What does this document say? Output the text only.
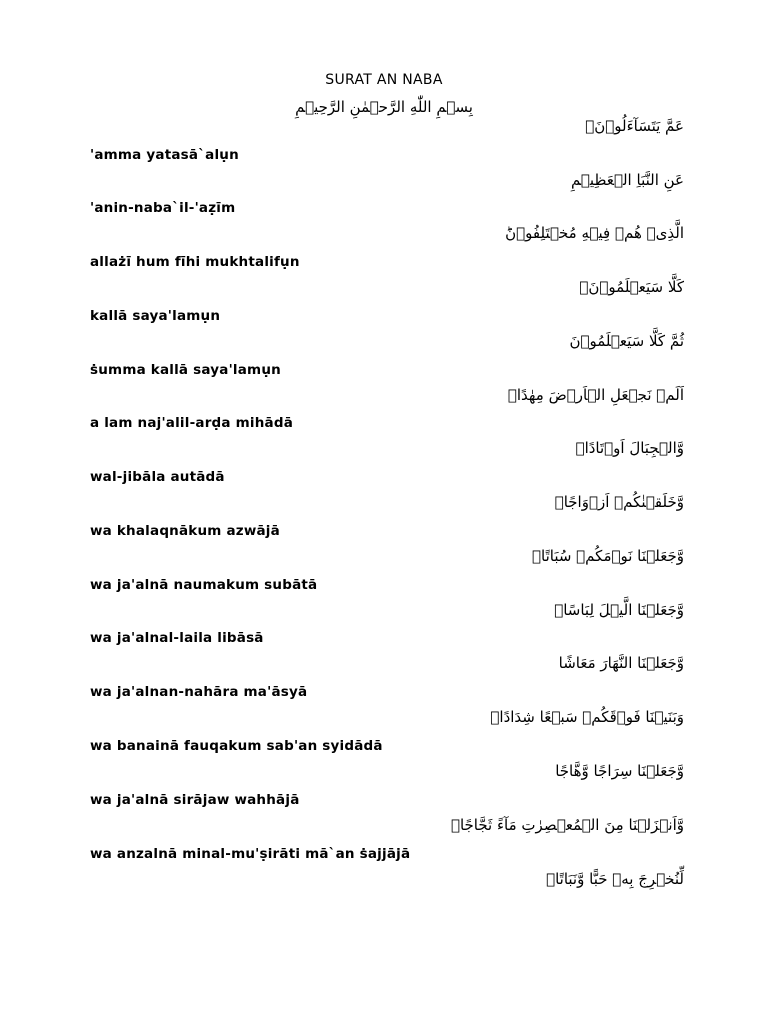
SURAT AN NABA
بِسۡمِ اللّٰهِ الرَّحۡمٰنِ الرَّحِيۡمِ
عَمَّ يَتَسَآءَلُوۡنَۚ
'amma yatasā`alụn
عَنِ النَّبَاِ الۡعَظِيۡمِ
'anin-naba`il-'aẓīm
الَّذِىۡ هُمۡ فِيۡهِ مُخۡتَلِفُوۡنَؕ
allażī hum fīhi mukhtalifụn
كَلَّا سَيَعۡلَمُوۡنَۙ
kallā saya'lamụn
ثُمَّ كَلَّا سَيَعۡلَمُوۡنَ
ṡumma kallā saya'lamụn
اَلَمۡ نَجۡعَلِ الۡاَرۡضَ مِهٰدًاۙ
a lam naj'alil-arḍa mihādā
وَّالۡجِبَالَ اَوۡتَادًاۙ
wal-jibāla autādā
وَّخَلَقۡنٰكُمۡ اَزۡوَاجًاۙ
wa khalaqnākum azwājā
وَّجَعَلۡنَا نَوۡمَكُمۡ سُبَاتًاۙ
wa ja'alnā naumakum subātā
وَّجَعَلۡنَا الَّيۡلَ لِبَاسًاۙ
wa ja'alnal-laila libāsā
وَّجَعَلۡنَا النَّهَارَ مَعَاشًا
wa ja'alnan-nahāra ma'āsyā
وَبَنَيۡنَا فَوۡقَكُمۡ سَبۡعًا شِدَادًاۙ
wa banainā fauqakum sab'an syidādā
وَّجَعَلۡنَا سِرَاجًا وَّهَّاجًا
wa ja'alnā sirājaw wahhājā
وَّاَنۡزَلۡنَا مِنَ الۡمُعۡصِرٰتِ مَآءً ثَجَّاجًاۙ
wa anzalnā minal-mu'ṣirāti mā`an ṡajjājā
لِّنُخۡرِجَ بِهٖ حَبًّا وَّنَبَاتًاۙ
